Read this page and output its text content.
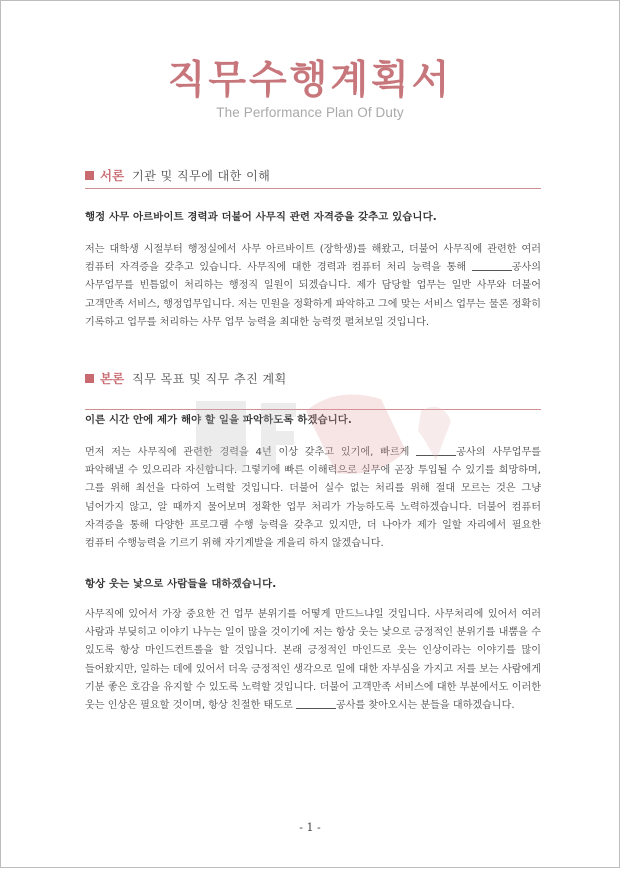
직무수행계획서
The Performance Plan Of Duty
서론 기관 및 직무에 대한 이해
행정 사무 아르바이트 경력과 더불어 사무직 관련 자격증을 갖추고 있습니다.
저는 대학생 시절부터 행정실에서 사무 아르바이트 (장학생)를 해왔고, 더불어 사무직에 관련한 여러 컴퓨터 자격증을 갖추고 있습니다. 사무직에 대한 경력과 컴퓨터 처리 능력을 통해	공사의 사무업무를 빈틈없이 처리하는 행정직 일원이 되겠습니다. 제가 담당할 업무는 일반 사무와 더불어 고객만족 서비스, 행정업무입니다. 저는 민원을 정확하게 파악하고 그에 맞는 서비스 업무는 물론 정확히 기록하고 업무를 처리하는 사무 업무 능력을 최대한 능력껏 펼쳐보일 것입니다.
본론 직무 목표 및 직무 추진 계획
이른 시간 안에 제가 해야 할 일을 파악하도록 하겠습니다.
먼저 저는 사무직에 관련한 경력을 4년 이상 갖추고 있기에, 빠르게	공사의 사무업무를 파악해낼 수 있으리라 자신합니다. 그렇기에 빠른 이해력으로 실무에 곧장 투입될 수 있기를 희망하며, 그를 위해 최선을 다하여 노력할 것입니다. 더불어 실수 없는 처리를 위해 절대 모르는 것은 그냥 넘어가지 않고, 알 때까지 물어보며 정확한 업무 처리가 가능하도록 노력하겠습니다. 더불어 컴퓨터 자격증을 통해 다양한 프로그램 수행 능력을 갖추고 있지만, 더 나아가 제가 일할 자리에서 필요한 컴퓨터 수행능력을 기르기 위해 자기계발을 게을리 하지 않겠습니다.
항상 웃는 낯으로 사람들을 대하겠습니다.
사무직에 있어서 가장 중요한 건 업무 분위기를 어떻게 만드느냐일 것입니다. 사무처리에 있어서 여러 사람과 부딪히고 이야기 나누는 일이 많을 것이기에 저는 항상 웃는 낯으로 긍정적인 분위기를 내뿜을 수 있도록 항상 마인드컨트롤을 할 것입니다. 본래 긍정적인 마인드로 웃는 인상이라는 이야기를 많이 들어왔지만, 일하는 데에 있어서 더욱 긍정적인 생각으로 일에 대한 자부심을 가지고 저를 보는 사람에게 기분 좋은 호감을 유지할 수 있도록 노력할 것입니다. 더불어 고객만족 서비스에 대한 부분에서도 이러한 웃는 인상은 필요할 것이며, 항상 친절한 태도로	공사를 찾아오시는 분들을 대하겠습니다.
- 1 -
